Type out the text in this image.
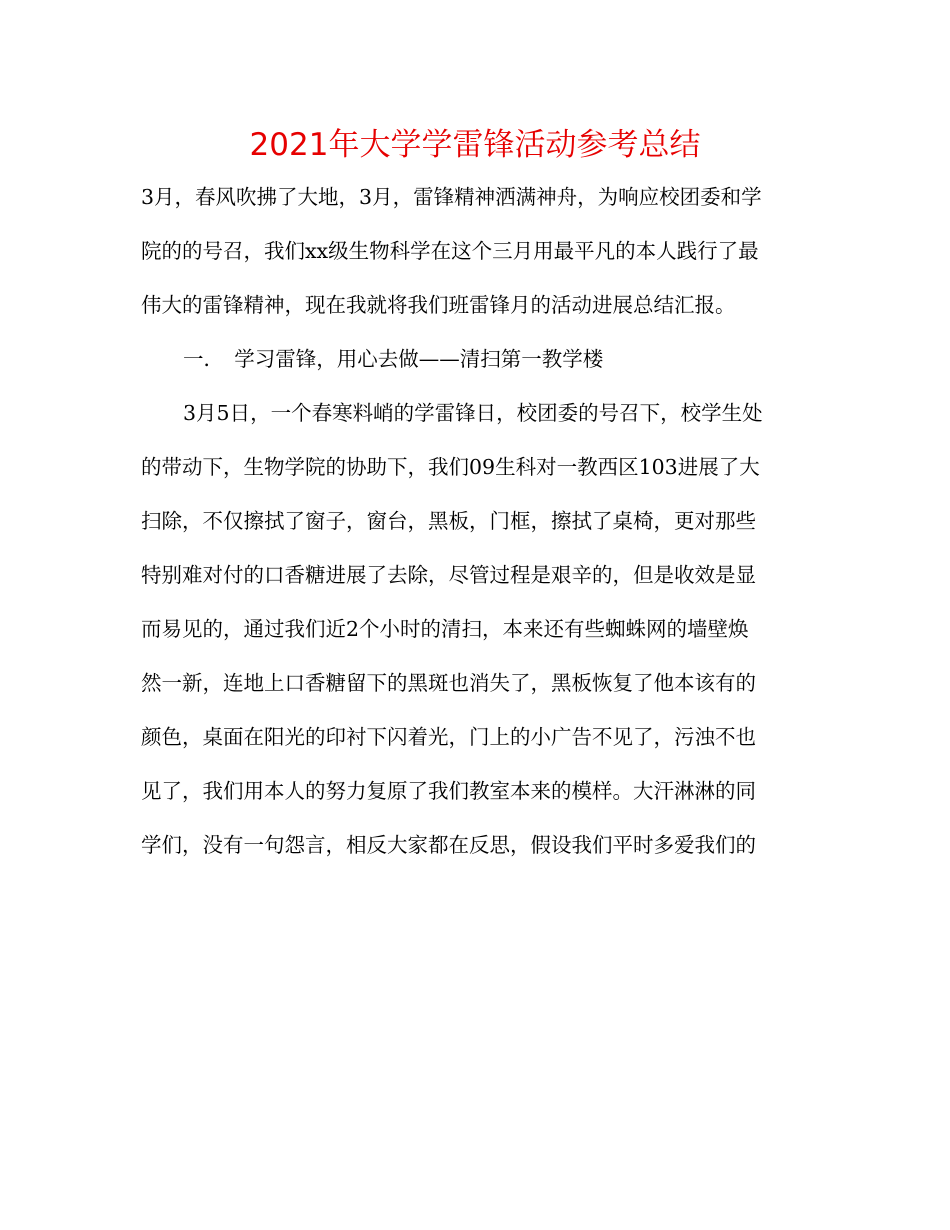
2021年大学学雷锋活动参考总结
3月，春风吹拂了大地，3月，雷锋精神洒满神舟，为响应校团委和学
院的的号召，我们xx级生物科学在这个三月用最平凡的本人践行了最
伟大的雷锋精神，现在我就将我们班雷锋月的活动进展总结汇报。
一．　学习雷锋，用心去做——清扫第一教学楼
3月5日，一个春寒料峭的学雷锋日，校团委的号召下，校学生处
的带动下，生物学院的协助下，我们09生科对一教西区103进展了大
扫除，不仅擦拭了窗子，窗台，黑板，门框，擦拭了桌椅，更对那些
特别难对付的口香糖进展了去除，尽管过程是艰辛的，但是收效是显
而易见的，通过我们近2个小时的清扫，本来还有些蜘蛛网的墙壁焕
然一新，连地上口香糖留下的黑斑也消失了，黑板恢复了他本该有的
颜色，桌面在阳光的印衬下闪着光，门上的小广告不见了，污浊不也
见了，我们用本人的努力复原了我们教室本来的模样。大汗淋淋的同
学们，没有一句怨言，相反大家都在反思，假设我们平时多爱我们的
